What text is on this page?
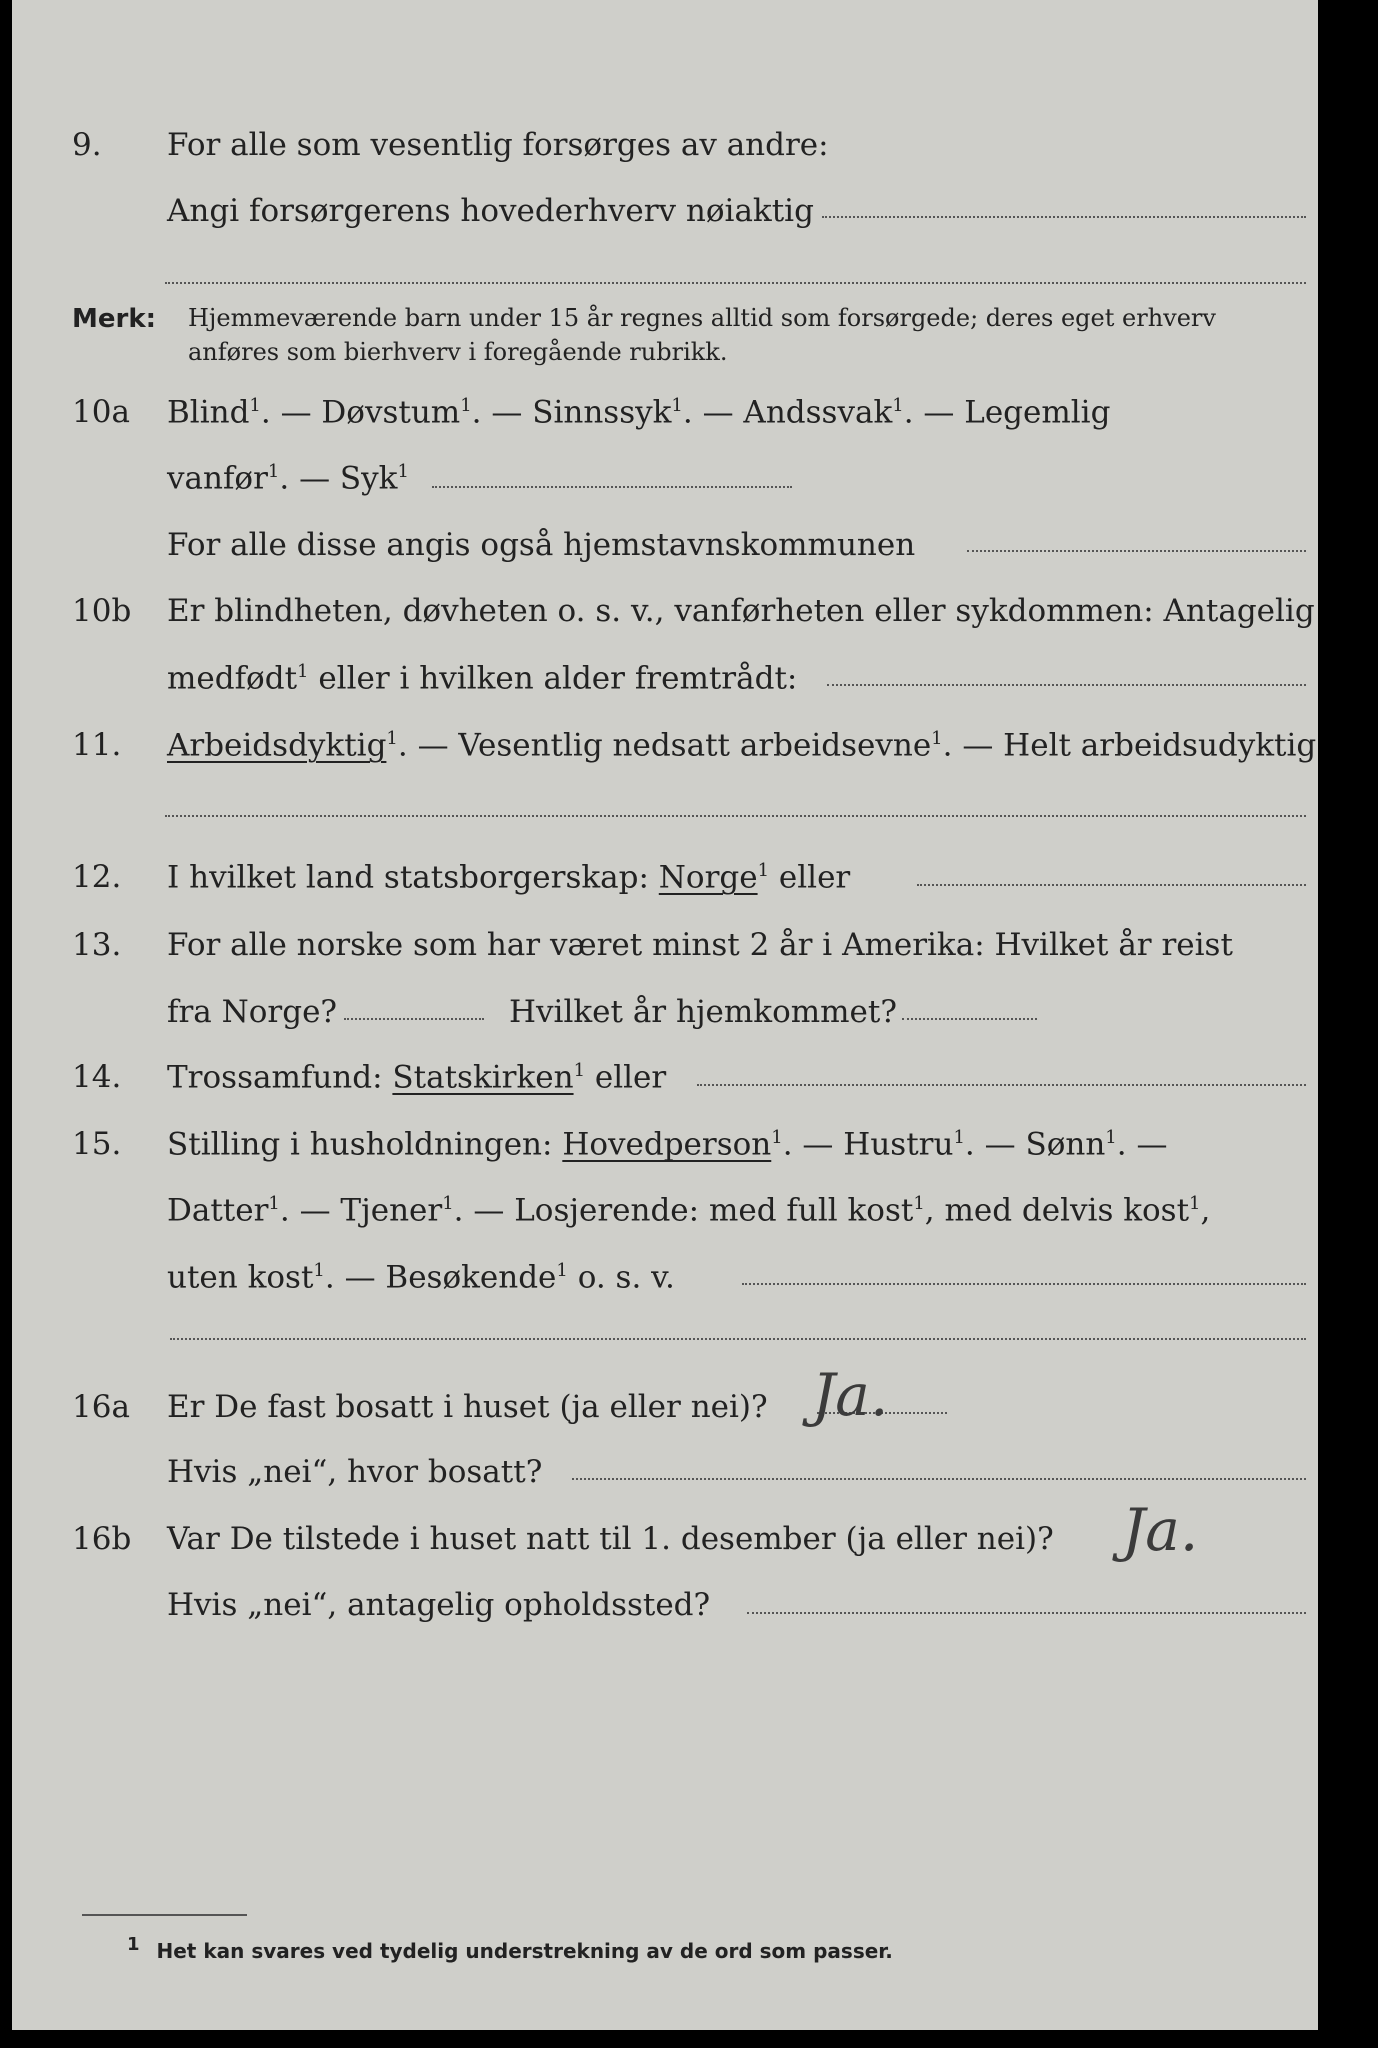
9. For alle som vesentlig forsørges av andre:
Angi forsørgerens hovederhverv nøiaktig
Merk: Hjemmeværende barn under 15 år regnes alltid som forsørgede; deres eget erhverv
anføres som bierhverv i foregående rubrikk.
10a Blind$^1$. — Døvstum$^1$. — Sinnssyk$^1$. — Andssvak$^1$. — Legemlig
vanfør$^1$. — Syk$^1$
For alle disse angis også hjemstavnskommunen
10b Er blindheten, døvheten o. s. v., vanførheten eller sykdommen: Antagelig
medfødt$^1$ eller i hvilken alder fremtrådt:
11. Arbeidsdyktig$^1$. — Vesentlig nedsatt arbeidsevne$^1$. — Helt arbeidsudyktig
12. I hvilket land statsborgerskap: Norge$^1$ eller
13. For alle norske som har været minst 2 år i Amerika: Hvilket år reist
fra Norge?	Hvilket år hjemkommet?
14. Trossamfund: Statskirken$^1$ eller
15. Stilling i husholdningen: Hovedperson$^1$. — Hustru$^1$. — Sønn$^1$. —
Datter$^1$. — Tjener$^1$. — Losjerende: med full kost$^1$, med delvis kost$^1$,
uten kost$^1$. — Besøkende$^1$ o. s. v.
16a Er De fast bosatt i huset (ja eller nei)? Ja.
Hvis „nei“, hvor bosatt?
16b Var De tilstede i huset natt til 1. desember (ja eller nei)?	Ja.
Hvis „nei“, antagelig opholdssted?
$^1$ Het kan svares ved tydelig understrekning av de ord som passer.
